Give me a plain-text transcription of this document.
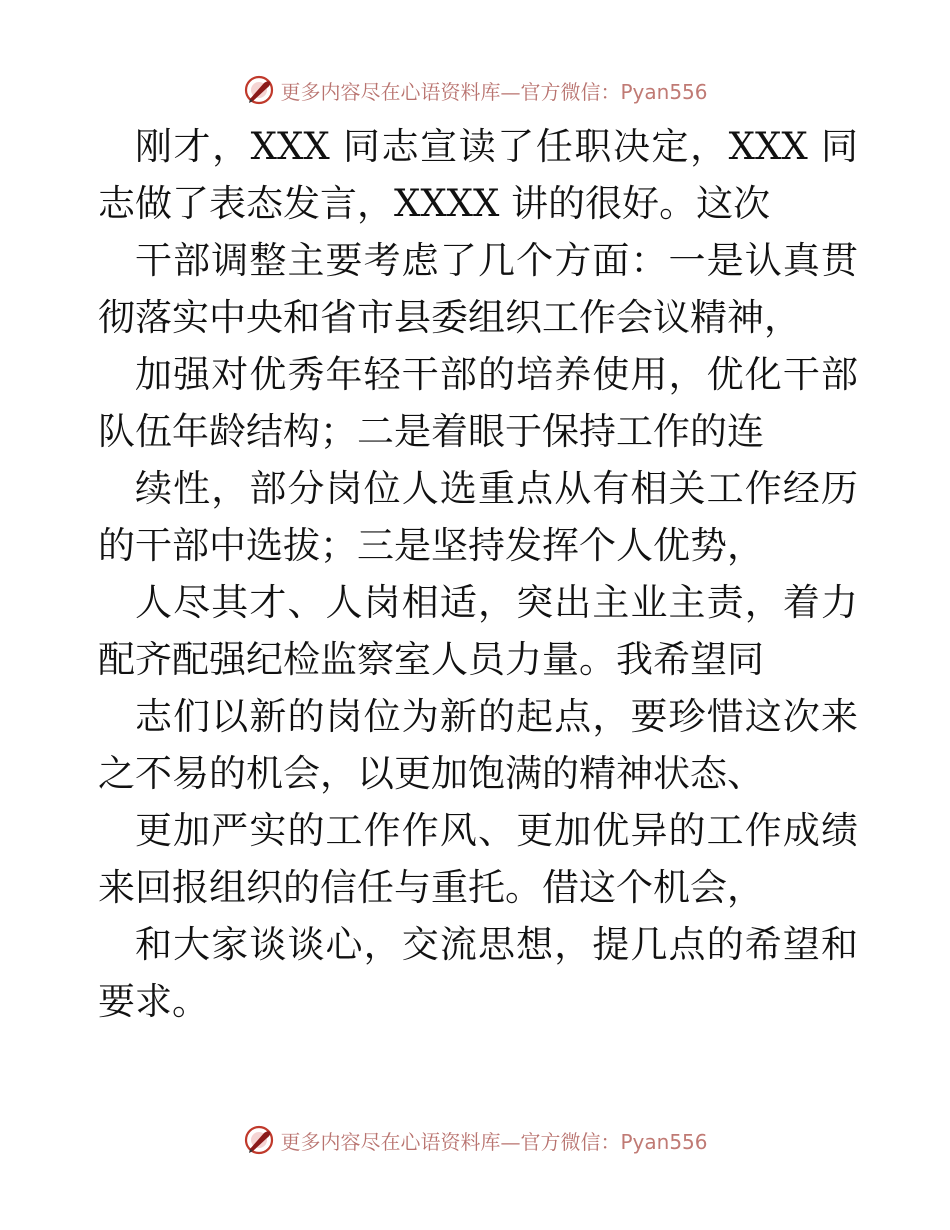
更多内容尽在心语资料库—官方微信：Pyan556

刚才，XXX 同志宣读了任职决定，XXX 同志做了表态发言，XXXX 讲的很好。这次

干部调整主要考虑了几个方面：一是认真贯彻落实中央和省市县委组织工作会议精神，

加强对优秀年轻干部的培养使用，优化干部队伍年龄结构；二是着眼于保持工作的连

续性，部分岗位人选重点从有相关工作经历的干部中选拔；三是坚持发挥个人优势，

人尽其才、人岗相适，突出主业主责，着力配齐配强纪检监察室人员力量。我希望同

志们以新的岗位为新的起点，要珍惜这次来之不易的机会，以更加饱满的精神状态、

更加严实的工作作风、更加优异的工作成绩来回报组织的信任与重托。借这个机会，

和大家谈谈心，交流思想，提几点的希望和要求。

更多内容尽在心语资料库—官方微信：Pyan556
